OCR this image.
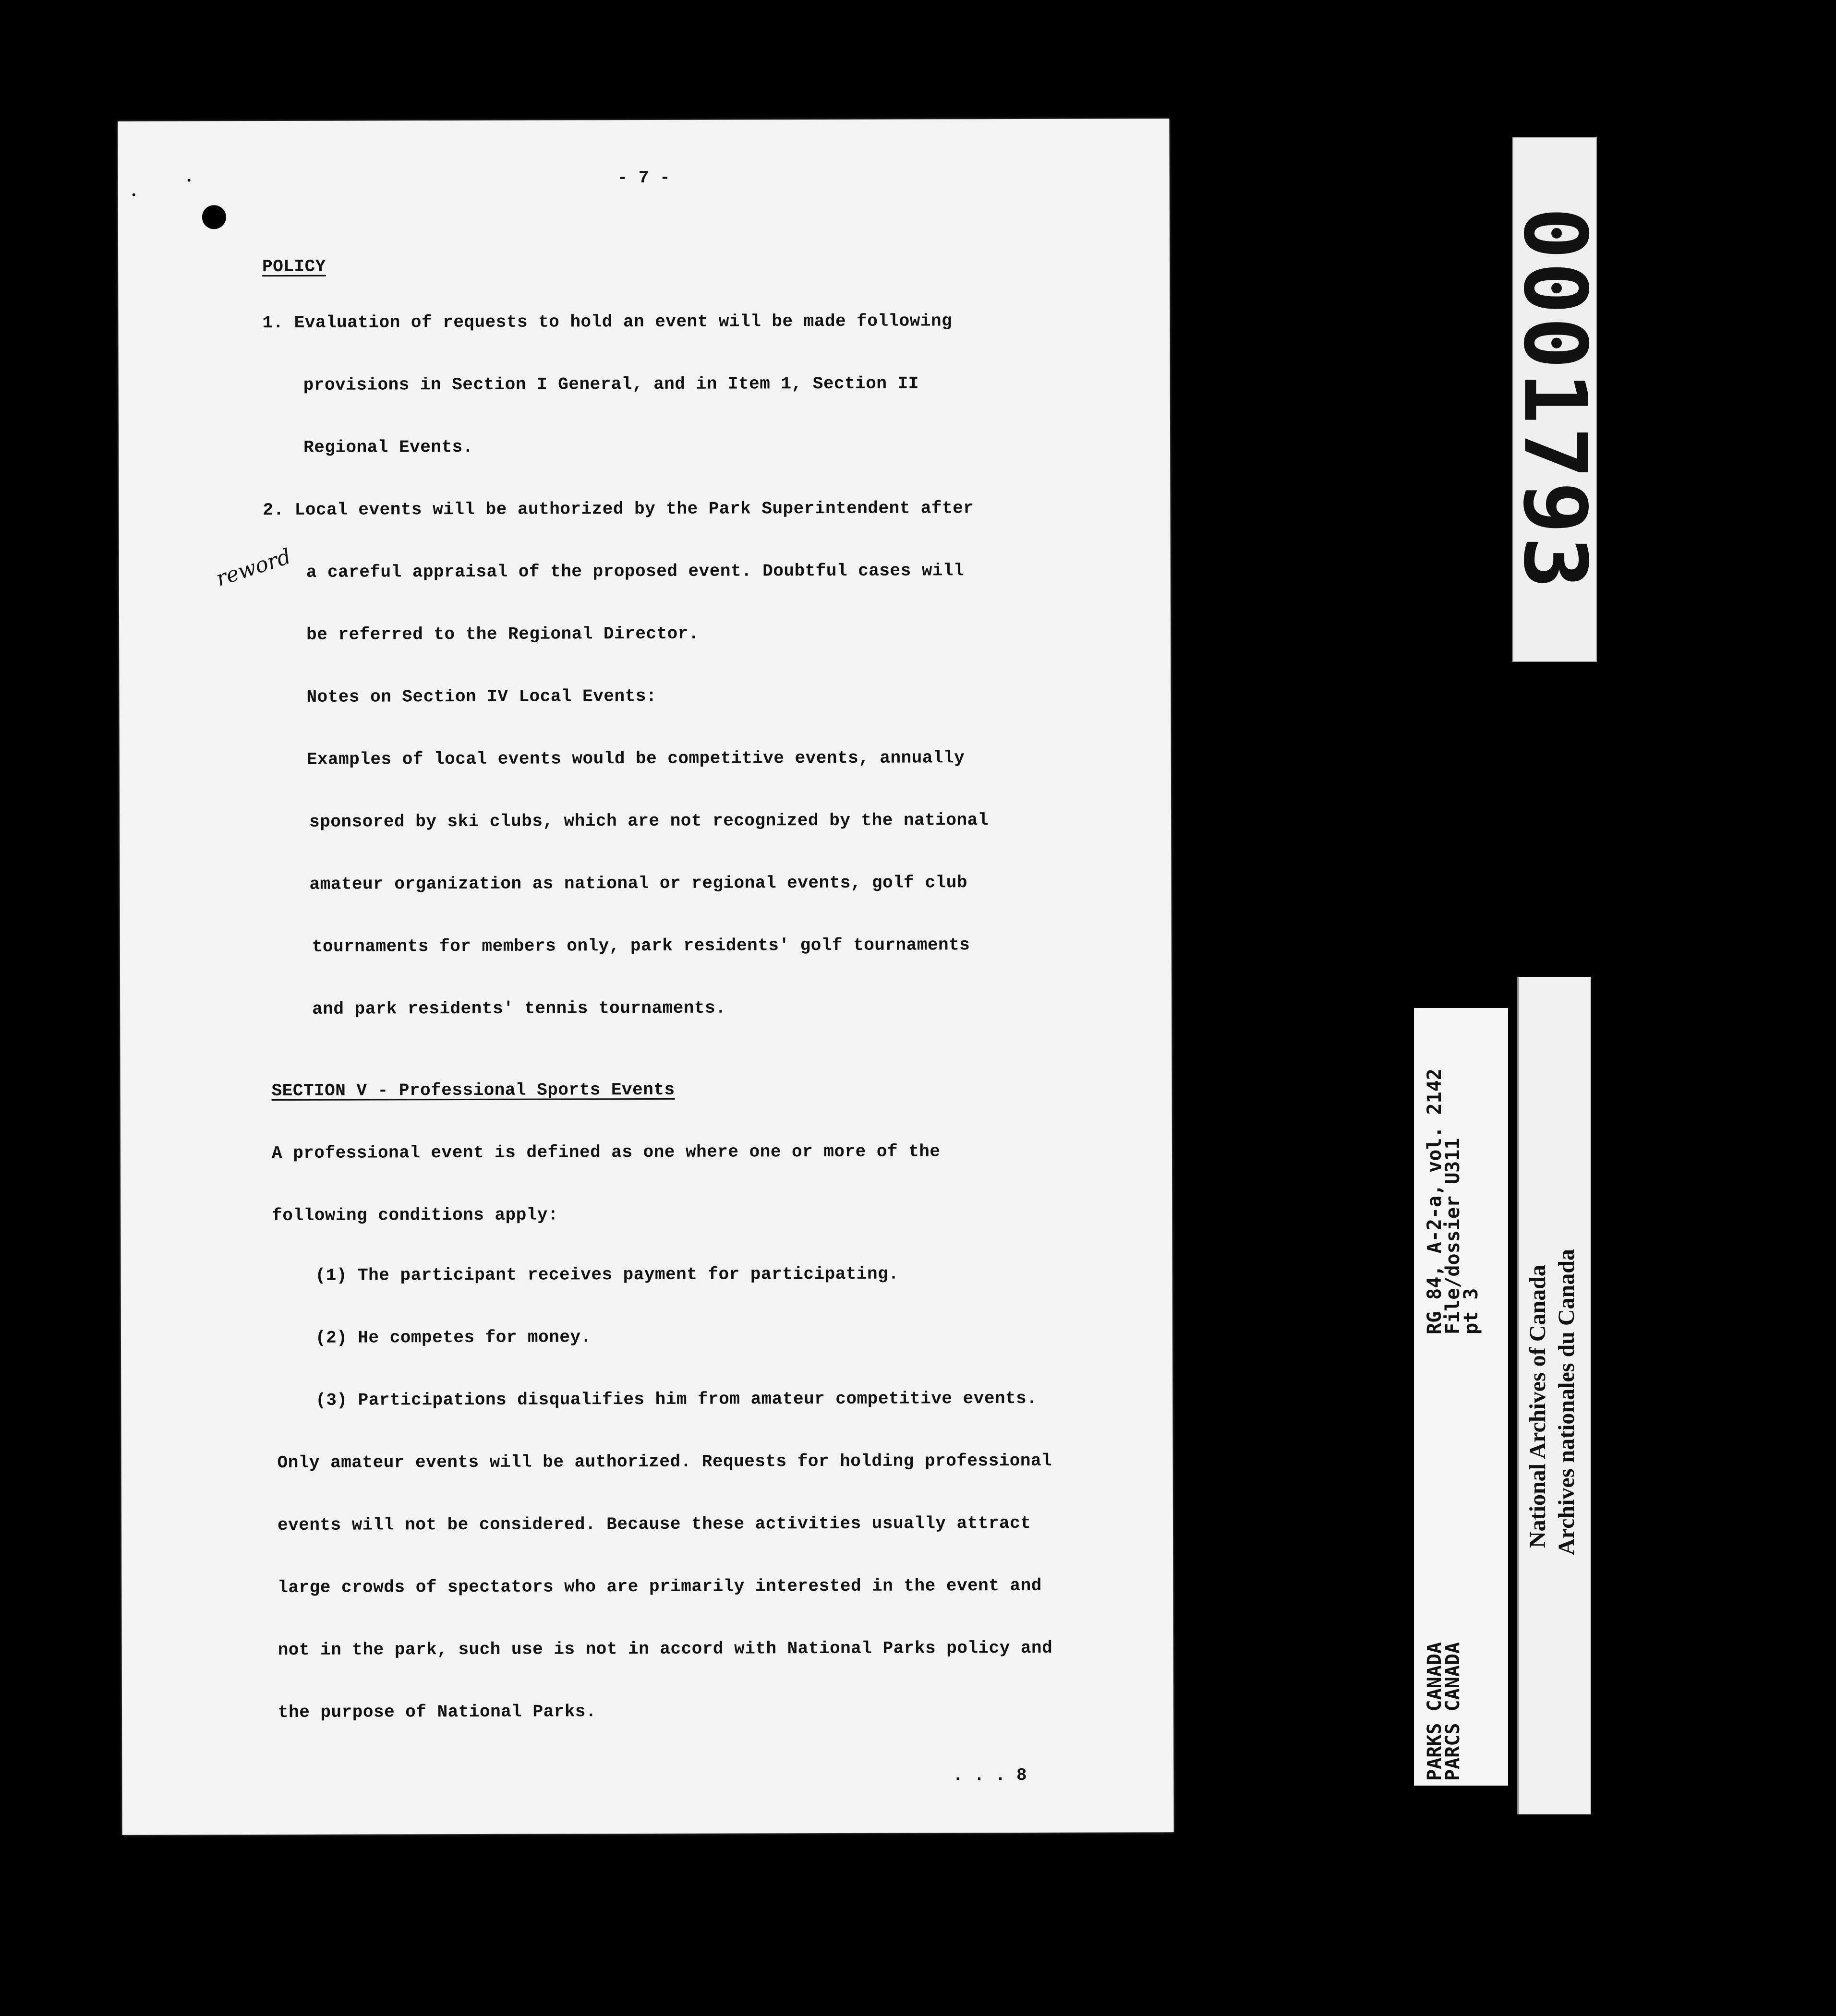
- 7 -
POLICY
1. Evaluation of requests to hold an event will be made following
provisions in Section I General, and in Item 1, Section II
Regional Events.
2. Local events will be authorized by the Park Superintendent after
a careful appraisal of the proposed event. Doubtful cases will
be referred to the Regional Director.
Notes on Section IV Local Events:
Examples of local events would be competitive events, annually
sponsored by ski clubs, which are not recognized by the national
amateur organization as national or regional events, golf club
tournaments for members only, park residents' golf tournaments
and park residents' tennis tournaments.
reword
SECTION V - Professional Sports Events
A professional event is defined as one where one or more of the
following conditions apply:
(1) The participant receives payment for participating.
(2) He competes for money.
(3) Participations disqualifies him from amateur competitive events.
Only amateur events will be authorized. Requests for holding professional
events will not be considered. Because these activities usually attract
large crowds of spectators who are primarily interested in the event and
not in the park, such use is not in accord with National Parks policy and
the purpose of National Parks.
. . . 8
0001793
RG 84, A-2-a, vol. 2142
File/dossier U311
pt 3
PARKS CANADA
PARCS CANADA
National Archives of Canada Archives nationales du Canada
